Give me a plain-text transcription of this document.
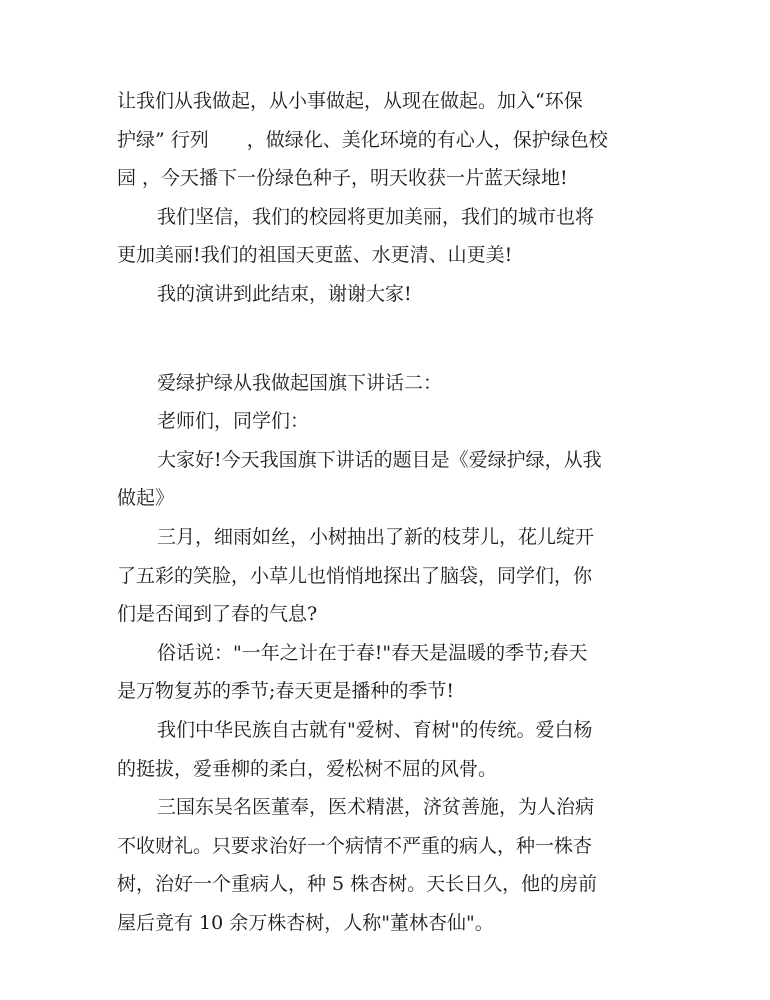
让我们从我做起，从小事做起，从现在做起。加入“环保
护绿” 行列　　，做绿化、美化环境的有心人，保护绿色校
园 ，今天播下一份绿色种子，明天收获一片蓝天绿地!
我们坚信，我们的校园将更加美丽，我们的城市也将
更加美丽!我们的祖国天更蓝、水更清、山更美!
我的演讲到此结束，谢谢大家!
爱绿护绿从我做起国旗下讲话二：
老师们，同学们：
大家好!今天我国旗下讲话的题目是《爱绿护绿，从我
做起》
三月，细雨如丝，小树抽出了新的枝芽儿，花儿绽开
了五彩的笑脸，小草儿也悄悄地探出了脑袋，同学们，你
们是否闻到了春的气息?
俗话说："一年之计在于春!"春天是温暖的季节;春天
是万物复苏的季节;春天更是播种的季节!
我们中华民族自古就有"爱树、育树"的传统。爱白杨
的挺拔，爱垂柳的柔白，爱松树不屈的风骨。
三国东吴名医董奉，医术精湛，济贫善施，为人治病
不收财礼。只要求治好一个病情不严重的病人，种一株杏
树，治好一个重病人，种 5 株杏树。天长日久，他的房前
屋后竟有 10 余万株杏树，人称"董林杏仙"。
